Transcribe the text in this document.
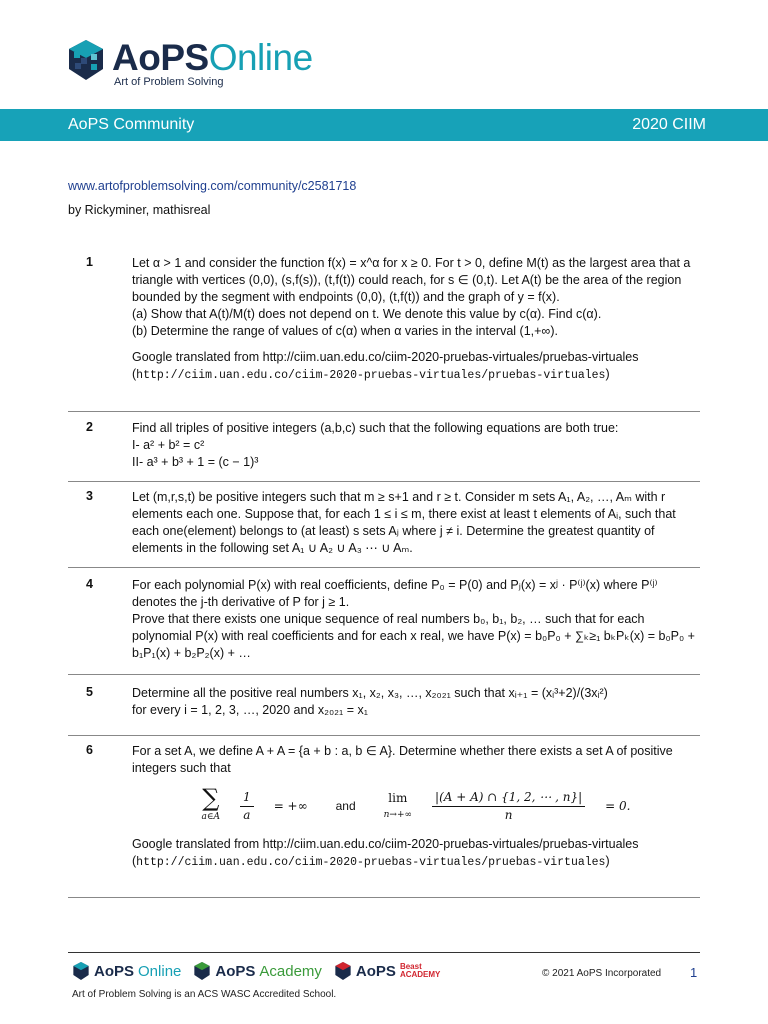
AoPSOnline
Art of Problem Solving
AoPS Community	2020 CIIM
www.artofproblemsolving.com/community/c2581718
by Rickyminer, mathisreal
1	Let α > 1 and consider the function f(x) = x^α for x ≥ 0. For t > 0, define M(t) as the largest area that a triangle with vertices (0,0), (s,f(s)), (t,f(t)) could reach, for s ∈ (0,t). Let A(t) be the area of the region bounded by the segment with endpoints (0,0), (t,f(t)) and the graph of y = f(x).

(a) Show that A(t)/M(t) does not depend on t. We denote this value by c(α). Find c(α).

(b) Determine the range of values of c(α) when α varies in the interval (1,+∞).

Google translated from http://ciim.uan.edu.co/ciim-2020-pruebas-virtuales/pruebas-virtuales

(http://ciim.uan.edu.co/ciim-2020-pruebas-virtuales/pruebas-virtuales)

2	Find all triples of positive integers (a,b,c) such that the following equations are both true:

I- a² + b² = c²

II- a³ + b³ + 1 = (c − 1)³

3	Let (m,r,s,t) be positive integers such that m ≥ s+1 and r ≥ t. Consider m sets A₁, A₂, …, Aₘ with r elements each one. Suppose that, for each 1 ≤ i ≤ m, there exist at least t elements of Aᵢ, such that each one(element) belongs to (at least) s sets Aⱼ where j ≠ i. Determine the greatest quantity of elements in the following set A₁ ∪ A₂ ∪ A₃ ⋯ ∪ Aₘ.

4	For each polynomial P(x) with real coefficients, define P₀ = P(0) and Pⱼ(x) = xʲ · P⁽ʲ⁾(x) where P⁽ʲ⁾ denotes the j-th derivative of P for j ≥ 1.

Prove that there exists one unique sequence of real numbers b₀, b₁, b₂, … such that for each polynomial P(x) with real coefficients and for each x real, we have P(x) = b₀P₀ + ∑ₖ≥₁ bₖPₖ(x) = b₀P₀ + b₁P₁(x) + b₂P₂(x) + …

5	Determine all the positive real numbers x₁, x₂, x₃, …, x₂₀₂₁ such that xᵢ₊₁ = (xᵢ³+2)/(3xᵢ²)

for every i = 1, 2, 3, …, 2020 and x₂₀₂₁ = x₁

6	For a set A, we define A + A = {a + b : a, b ∈ A}. Determine whether there exists a set A of positive integers such that

∑
a∈A $\frac{1}{a}$ = +∞ and
lim
$n\to+\infty \frac{|(A + A) \cap \{1, 2, \cdots , n\}|}{n} = 0$.

Google translated from http://ciim.uan.edu.co/ciim-2020-pruebas-virtuales/pruebas-virtuales

(http://ciim.uan.edu.co/ciim-2020-pruebas-virtuales/pruebas-virtuales)

AoPS Online AoPS Academy AoPS Beast
ACADEMY	© 2021 AoPS Incorporated 1
Art of Problem Solving is an ACS WASC Accredited School.
